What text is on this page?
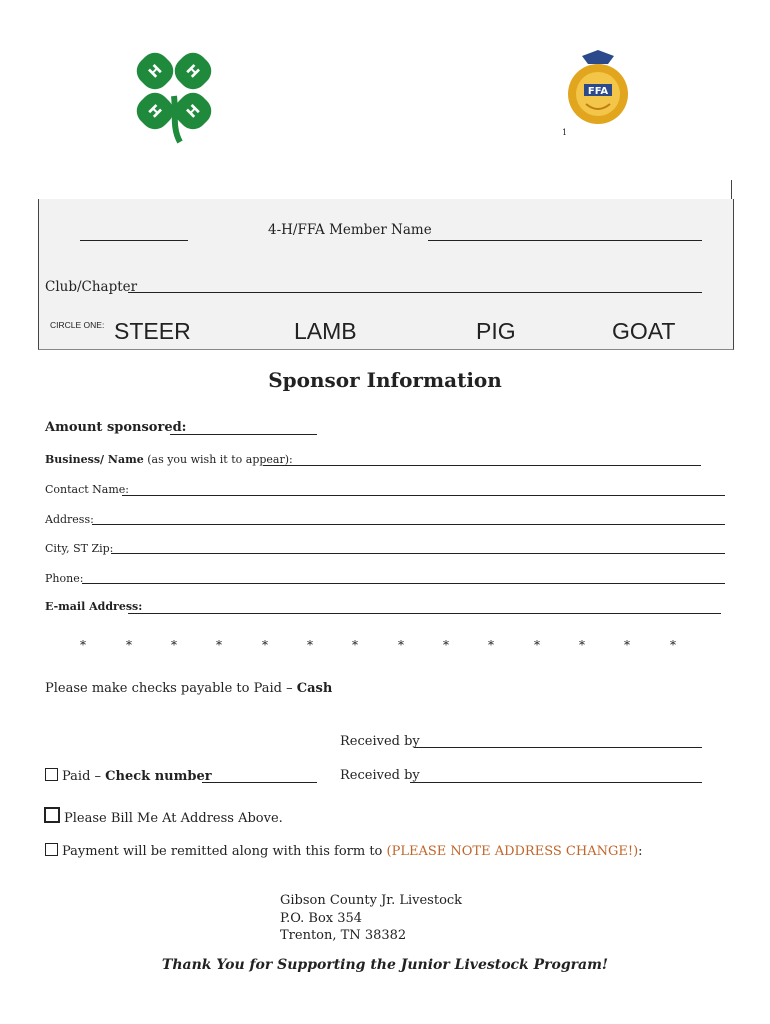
H H
H H
FFA
1
4-H/FFA Member Name
Club/Chapter
CIRCLE ONE: STEER	LAMB	PIG	GOAT
Sponsor Information
Amount sponsored:
Business/ Name (as you wish it to appear):
Contact Name:
Address:
City, ST Zip:
Phone:
E-mail Address:
*	*	*	*	*	*	*	*	*	*	*	*	*	*
Please make checks payable to Paid – Cash
Received by
Paid – Check number	Received by
Please Bill Me At Address Above.
Payment will be remitted along with this form to (PLEASE NOTE ADDRESS CHANGE!):
Gibson County Jr. Livestock
P.O. Box 354
Trenton, TN 38382
Thank You for Supporting the Junior Livestock Program!
